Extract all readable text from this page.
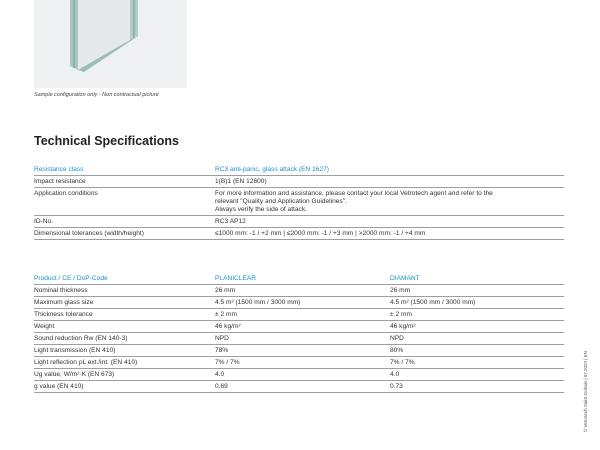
Sample configuration only - Non contractual picture
Technical Specifications
Resistance class	RC3 anti-panic, glass attack (EN 1627)
Impact resistance	1(B)1 (EN 12600)
Application conditions	For more information and assistance, please contact your local Vetrotech agent and refer to the
relevant "Quality and Application Guidelines".
Always verify the side of attack.

ID-No.	RC3 AP12
Dimensional tolerances (width/height)	≤1000 mm: -1 / +2 mm | ≤2000 mm: -1 / +3 mm | >2000 mm: -1 / +4 mm
Product / CE / DoP-Code	PLANICLEAR	DIAMANT
Nominal thickness	26 mm	26 mm
Maximum glass size	4.5 m² (1500 mm / 3000 mm)	4.5 m² (1500 mm / 3000 mm)
Thickness tolerance	± 2 mm	± 2 mm
Weight	46 kg/m²	46 kg/m²
Sound reduction Rw (EN 140-3)	NPD	NPD
Light transmission (EN 410)	78%	80%
Light reflection ρL ext./int. (EN 410)	7% / 7%	7% / 7%
Ug value, W/m²·K (EN 673)	4.0	4.0
g value (EN 410)	0.69	0.73	© Vetrotech Saint-Gobain | 07.2023 | EN
